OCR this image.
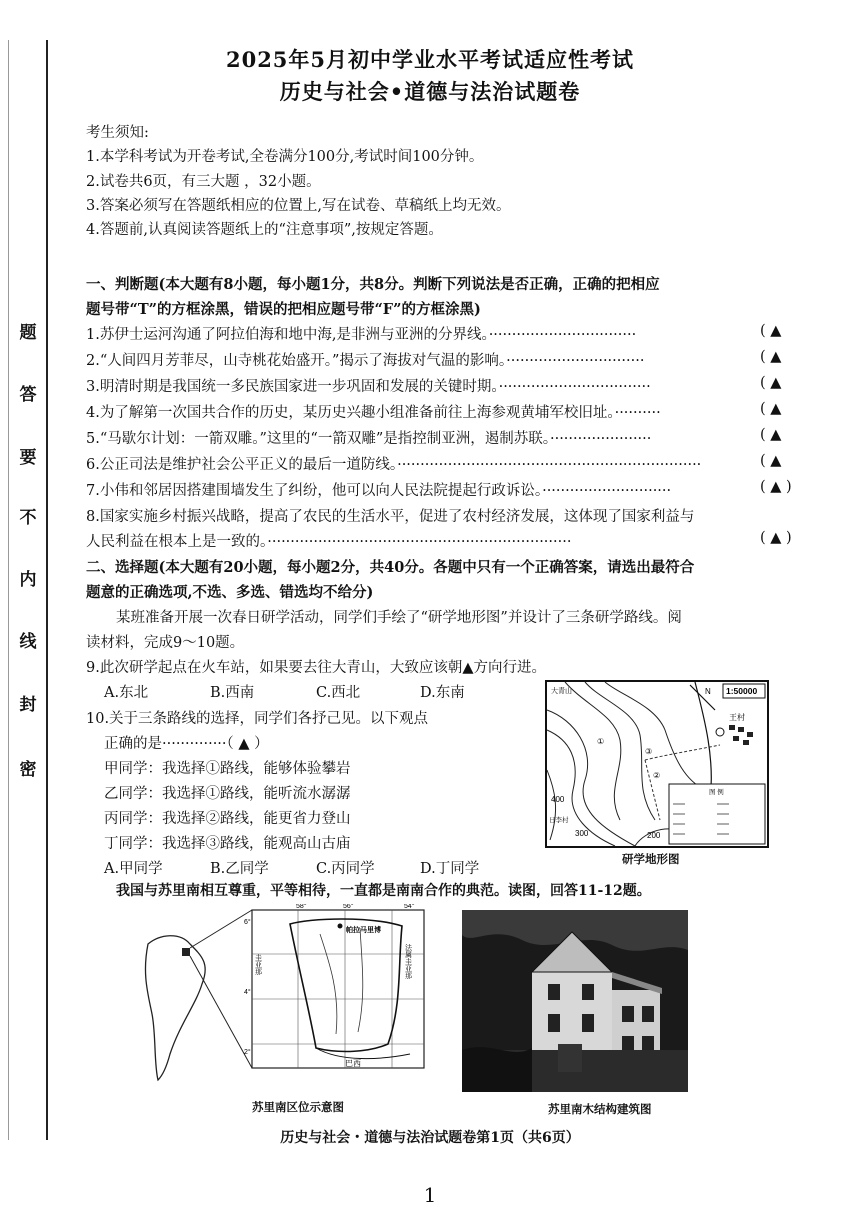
密
封
线
内
不
要
答
题
2025年5月初中学业水平考试适应性考试
历史与社会•道德与法治试题卷
考生须知:
1.本学科考试为开卷考试,全卷满分100分,考试时间100分钟。
2.试卷共6页，有三大题 ，32小题。
3.答案必须写在答题纸相应的位置上,写在试卷、草稿纸上均无效。
4.答题前,认真阅读答题纸上的“注意事项”,按规定答题。
一、判断题(本大题有8小题，每小题1分，共8分。判断下列说法是否正确，正确的把相应
题号带“T”的方框涂黑，错误的把相应题号带“F”的方框涂黑)
1.苏伊士运河沟通了阿拉伯海和地中海,是非洲与亚洲的分界线。································	( ▲
2.“人间四月芳菲尽，山寺桃花始盛开。”揭示了海拔对气温的影响。······························	( ▲
3.明清时期是我国统一多民族国家进一步巩固和发展的关键时期。·································	( ▲
4.为了解第一次国共合作的历史，某历史兴趣小组准备前往上海参观黄埔军校旧址。··········	( ▲
5.“马歇尔计划：一箭双雕。”这里的“一箭双雕”是指控制亚洲，遏制苏联。······················	( ▲
6.公正司法是维护社会公平正义的最后一道防线。··································································	( ▲
7.小伟和邻居因搭建围墙发生了纠纷，他可以向人民法院提起行政诉讼。····························	( ▲ )
8.国家实施乡村振兴战略，提高了农民的生活水平，促进了农村经济发展，这体现了国家利益与
人民利益在根本上是一致的。··································································	( ▲ )
二、选择题(本大题有20小题，每小题2分，共40分。各题中只有一个正确答案，请选出最符合
题意的正确选项,不选、多选、错选均不给分)
某班准备开展一次春日研学活动，同学们手绘了“研学地形图”并设计了三条研学路线。阅
读材料，完成9～10题。
9.此次研学起点在火车站，如果要去往大青山，大致应该朝▲方向行进。
A.东北	B.西南	C.西北	D.东南
10.关于三条路线的选择，同学们各抒己见。以下观点
正确的是··············（ ▲ ）
甲同学：我选择①路线，能够体验攀岩
乙同学：我选择①路线，能听流水潺潺
丙同学：我选择②路线，能更省力登山
丁同学：我选择③路线，能观高山古庙
A.甲同学	B.乙同学	C.丙同学	D.丁同学
N 1:50000
大青山
王村
①
②
③
400
300	200
日李村
图 例
研学地形图
我国与苏里南相互尊重，平等相待，一直都是南南合作的典范。读图，回答11-12题。
58°	56°	54°
6°
4°
2°
帕拉马里博
巴西
圭亚那	法属圭亚那
苏里南区位示意图	苏里南木结构建筑图
历史与社会・道德与法治试题卷第1页（共6页）
1
